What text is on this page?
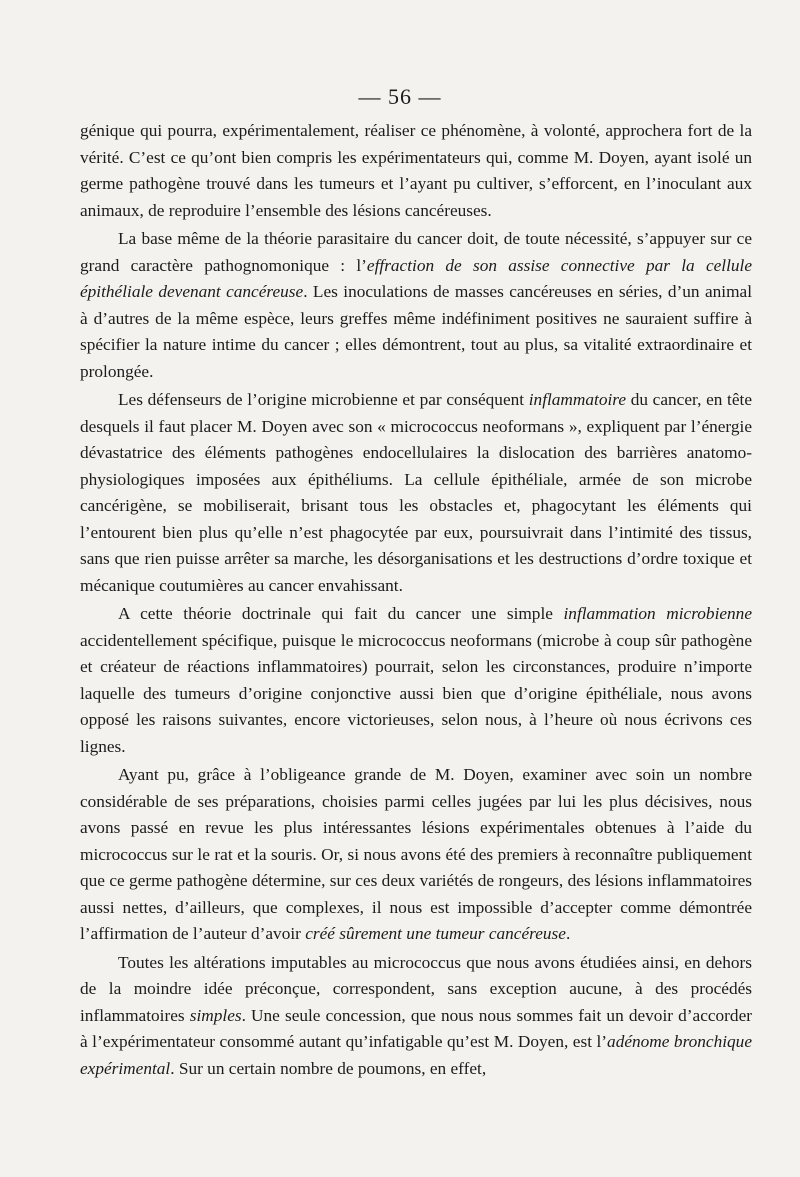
— 56 —

génique qui pourra, expérimentalement, réaliser ce phénomène, à volonté, approchera fort de la vérité. C’est ce qu’ont bien compris les expérimentateurs qui, comme M. Doyen, ayant isolé un germe pathogène trouvé dans les tumeurs et l’ayant pu cultiver, s’efforcent, en l’inoculant aux animaux, de reproduire l’ensemble des lésions cancéreuses.

La base même de la théorie parasitaire du cancer doit, de toute nécessité, s’appuyer sur ce grand caractère pathognomonique : l’effraction de son assise connective par la cellule épithéliale devenant cancéreuse. Les inoculations de masses cancéreuses en séries, d’un animal à d’autres de la même espèce, leurs greffes même indéfiniment positives ne sauraient suffire à spécifier la nature intime du cancer ; elles démontrent, tout au plus, sa vitalité extraordinaire et prolongée.

Les défenseurs de l’origine microbienne et par conséquent inflammatoire du cancer, en tête desquels il faut placer M. Doyen avec son « micrococcus neoformans », expliquent par l’énergie dévastatrice des éléments pathogènes endocellulaires la dislocation des barrières anatomo-physiologiques imposées aux épithéliums. La cellule épithéliale, armée de son microbe cancérigène, se mobiliserait, brisant tous les obstacles et, phagocytant les éléments qui l’entourent bien plus qu’elle n’est phagocytée par eux, poursuivrait dans l’intimité des tissus, sans que rien puisse arrêter sa marche, les désorganisations et les destructions d’ordre toxique et mécanique coutumières au cancer envahissant.

A cette théorie doctrinale qui fait du cancer une simple inflammation microbienne accidentellement spécifique, puisque le micrococcus neoformans (microbe à coup sûr pathogène et créateur de réactions inflammatoires) pourrait, selon les circonstances, produire n’importe laquelle des tumeurs d’origine conjonctive aussi bien que d’origine épithéliale, nous avons opposé les raisons suivantes, encore victorieuses, selon nous, à l’heure où nous écrivons ces lignes.

Ayant pu, grâce à l’obligeance grande de M. Doyen, examiner avec soin un nombre considérable de ses préparations, choisies parmi celles jugées par lui les plus décisives, nous avons passé en revue les plus intéressantes lésions expérimentales obtenues à l’aide du micrococcus sur le rat et la souris. Or, si nous avons été des premiers à reconnaître publiquement que ce germe pathogène détermine, sur ces deux variétés de rongeurs, des lésions inflammatoires aussi nettes, d’ailleurs, que complexes, il nous est impossible d’accepter comme démontrée l’affirmation de l’auteur d’avoir créé sûrement une tumeur cancéreuse.

Toutes les altérations imputables au micrococcus que nous avons étudiées ainsi, en dehors de la moindre idée préconçue, correspondent, sans exception aucune, à des procédés inflammatoires simples. Une seule concession, que nous nous sommes fait un devoir d’accorder à l’expérimentateur consommé autant qu’infatigable qu’est M. Doyen, est l’adénome bronchique expérimental. Sur un certain nombre de poumons, en effet,
